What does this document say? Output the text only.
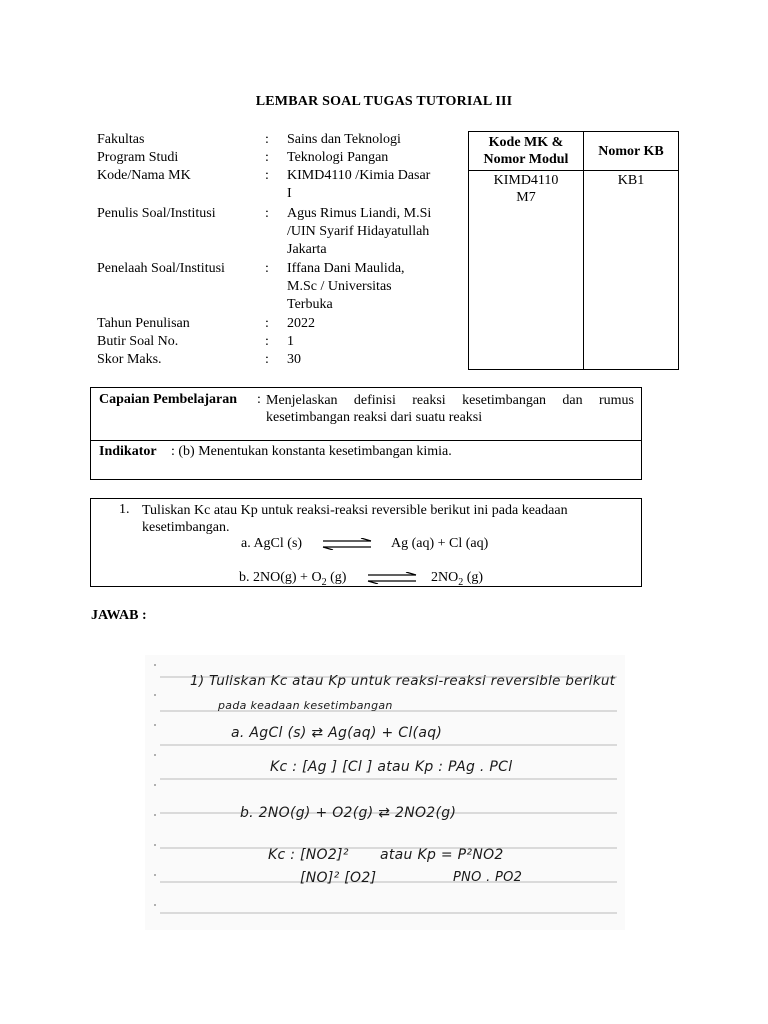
LEMBAR SOAL TUGAS TUTORIAL III
Fakultas	: Sains dan Teknologi
Program Studi	: Teknologi Pangan
Kode/Nama MK	: KIMD4110 /Kimia Dasar
I
Penulis Soal/Institusi	: Agus Rimus Liandi, M.Si
/UIN Syarif Hidayatullah
Jakarta
Penelaah Soal/Institusi	: Iffana Dani Maulida,
M.Sc / Universitas
Terbuka
Tahun Penulisan	: 2022
Butir Soal No.	: 1
Skor Maks.	: 30
Kode MK &
Nomor Modul	Nomor KB

KIMD4110
M7	KB1
Capaian Pembelajaran : Menjelaskan definisi reaksi kesetimbangan dan rumus kesetimbangan reaksi dari suatu reaksi
Indikator : (b) Menentukan konstanta kesetimbangan kimia.
1. Tuliskan Kc atau Kp untuk reaksi-reaksi reversible berikut ini pada keadaan kesetimbangan.
a. AgCl (s) ⇌ Ag (aq) + Cl (aq)
b. $2NO(g) + O_2$ (g) ⇌ $2NO_2$ (g)
JAWAB :
1) Tuliskan Kc atau Kp untuk reaksi-reaksi reversible berikut
pada keadaan kesetimbangan
a. AgCl (s) ⇄ Ag(aq) + Cl(aq)
Kc : [Ag ] [Cl ] atau Kp : PAg . PCl
b. 2NO(g) + O2(g) ⇄ 2NO2(g)
Kc : [NO2]² atau Kp = P²NO2
[NO]² [O2]	PNO . PO2
